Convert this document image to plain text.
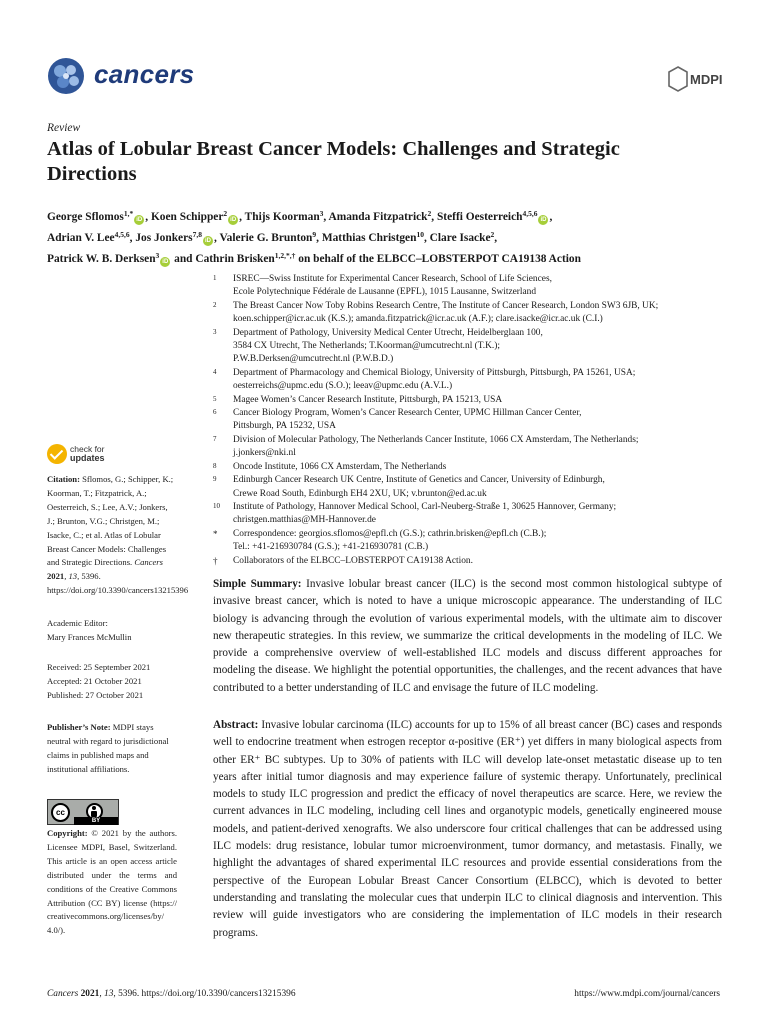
cancers	MDPI
Review
Atlas of Lobular Breast Cancer Models: Challenges and Strategic Directions
George Sflomos$^{1,*}$iD , Koen Schipper$^2$iD , Thijs Koorman$^3$, Amanda Fitzpatrick$^2$, Steffi Oesterreich$^{4,5,6}$iD ,
Adrian V. Lee$^{4,5,6}$, Jos Jonkers$^{7,8}$iD , Valerie G. Brunton$^9$, Matthias Christgen$^{10}$, Clare Isacke$^2$,
Patrick W. B. Derksen$^3$iD and Cathrin Brisken$^{1,2,*,\dagger}$ on behalf of the ELBCC–LOBSTERPOT CA19138 Action
1 ISREC—Swiss Institute for Experimental Cancer Research, School of Life Sciences,
Ecole Polytechnique Fédérale de Lausanne (EPFL), 1015 Lausanne, Switzerland
2 The Breast Cancer Now Toby Robins Research Centre, The Institute of Cancer Research, London SW3 6JB, UK;
koen.schipper@icr.ac.uk (K.S.); amanda.fitzpatrick@icr.ac.uk (A.F.); clare.isacke@icr.ac.uk (C.I.)
3 Department of Pathology, University Medical Center Utrecht, Heidelberglaan 100,
3584 CX Utrecht, The Netherlands; T.Koorman@umcutrecht.nl (T.K.);
P.W.B.Derksen@umcutrecht.nl (P.W.B.D.)
4 Department of Pharmacology and Chemical Biology, University of Pittsburgh, Pittsburgh, PA 15261, USA;
oesterreichs@upmc.edu (S.O.); leeav@upmc.edu (A.V.L.)
5 Magee Women’s Cancer Research Institute, Pittsburgh, PA 15213, USA
6 Cancer Biology Program, Women’s Cancer Research Center, UPMC Hillman Cancer Center,
Pittsburgh, PA 15232, USA
7 Division of Molecular Pathology, The Netherlands Cancer Institute, 1066 CX Amsterdam, The Netherlands;
j.jonkers@nki.nl
8 Oncode Institute, 1066 CX Amsterdam, The Netherlands
9 Edinburgh Cancer Research UK Centre, Institute of Genetics and Cancer, University of Edinburgh,
Crewe Road South, Edinburgh EH4 2XU, UK; v.brunton@ed.ac.uk
10 Institute of Pathology, Hannover Medical School, Carl-Neuberg-Straße 1, 30625 Hannover, Germany;
christgen.matthias@MH-Hannover.de
* Correspondence: georgios.sflomos@epfl.ch (G.S.); cathrin.brisken@epfl.ch (C.B.);
Tel.: +41-216930784 (G.S.); +41-216930781 (C.B.)
† Collaborators of the ELBCC–LOBSTERPOT CA19138 Action.
check for
updates
Citation: Sflomos, G.; Schipper, K.; Koorman, T.; Fitzpatrick, A.; Oesterreich, S.; Lee, A.V.; Jonkers, J.; Brunton, V.G.; Christgen, M.; Isacke, C.; et al. Atlas of Lobular Breast Cancer Models: Challenges and Strategic Directions. Cancers 2021, 13, 5396. https://doi.org/10.3390/cancers13215396
Academic Editor:
Mary Frances McMullin
Received: 25 September 2021
Accepted: 21 October 2021
Published: 27 October 2021
Publisher’s Note: MDPI stays neutral with regard to jurisdictional claims in published maps and institutional affiliations.
cc
BY
Copyright: © 2021 by the authors. Licensee MDPI, Basel, Switzerland. This article is an open access article distributed under the terms and conditions of the Creative Commons Attribution (CC BY) license (https:// creativecommons.org/licenses/by/ 4.0/).
Simple Summary: Invasive lobular breast cancer (ILC) is the second most common histological subtype of invasive breast cancer, which is noted to have a unique microscopic appearance. The understanding of ILC biology is advancing through the evolution of various experimental models, with the ultimate aim to discover new therapeutic strategies. In this review, we summarize the critical developments in the modeling of ILC. We provide a comprehensive overview of well-established ILC models and discuss different approaches for modeling the disease. We highlight the potential opportunities, the challenges, and the recent advances that have contributed to a better understanding of ILC and envisage the future of ILC modeling.
Abstract: Invasive lobular carcinoma (ILC) accounts for up to 15% of all breast cancer (BC) cases and responds well to endocrine treatment when estrogen receptor α-positive (ER⁺) yet differs in many biological aspects from other ER⁺ BC subtypes. Up to 30% of patients with ILC will develop late-onset metastatic disease up to ten years after initial tumor diagnosis and may experience failure of systemic therapy. Unfortunately, preclinical models to study ILC progression and predict the efficacy of novel therapeutics are scarce. Here, we review the current advances in ILC modeling, including cell lines and organotypic models, genetically engineered mouse models, and patient-derived xenografts. We also underscore four critical challenges that can be addressed using ILC models: drug resistance, lobular tumor microenvironment, tumor dormancy, and metastasis. Finally, we highlight the advantages of shared experimental ILC resources and provide essential considerations from the perspective of the European Lobular Breast Cancer Consortium (ELBCC), which is devoted to better understanding and translating the molecular cues that underpin ILC to clinical diagnosis and intervention. This review will guide investigators who are considering the implementation of ILC models in their research programs.
Cancers 2021, 13, 5396. https://doi.org/10.3390/cancers13215396	https://www.mdpi.com/journal/cancers
